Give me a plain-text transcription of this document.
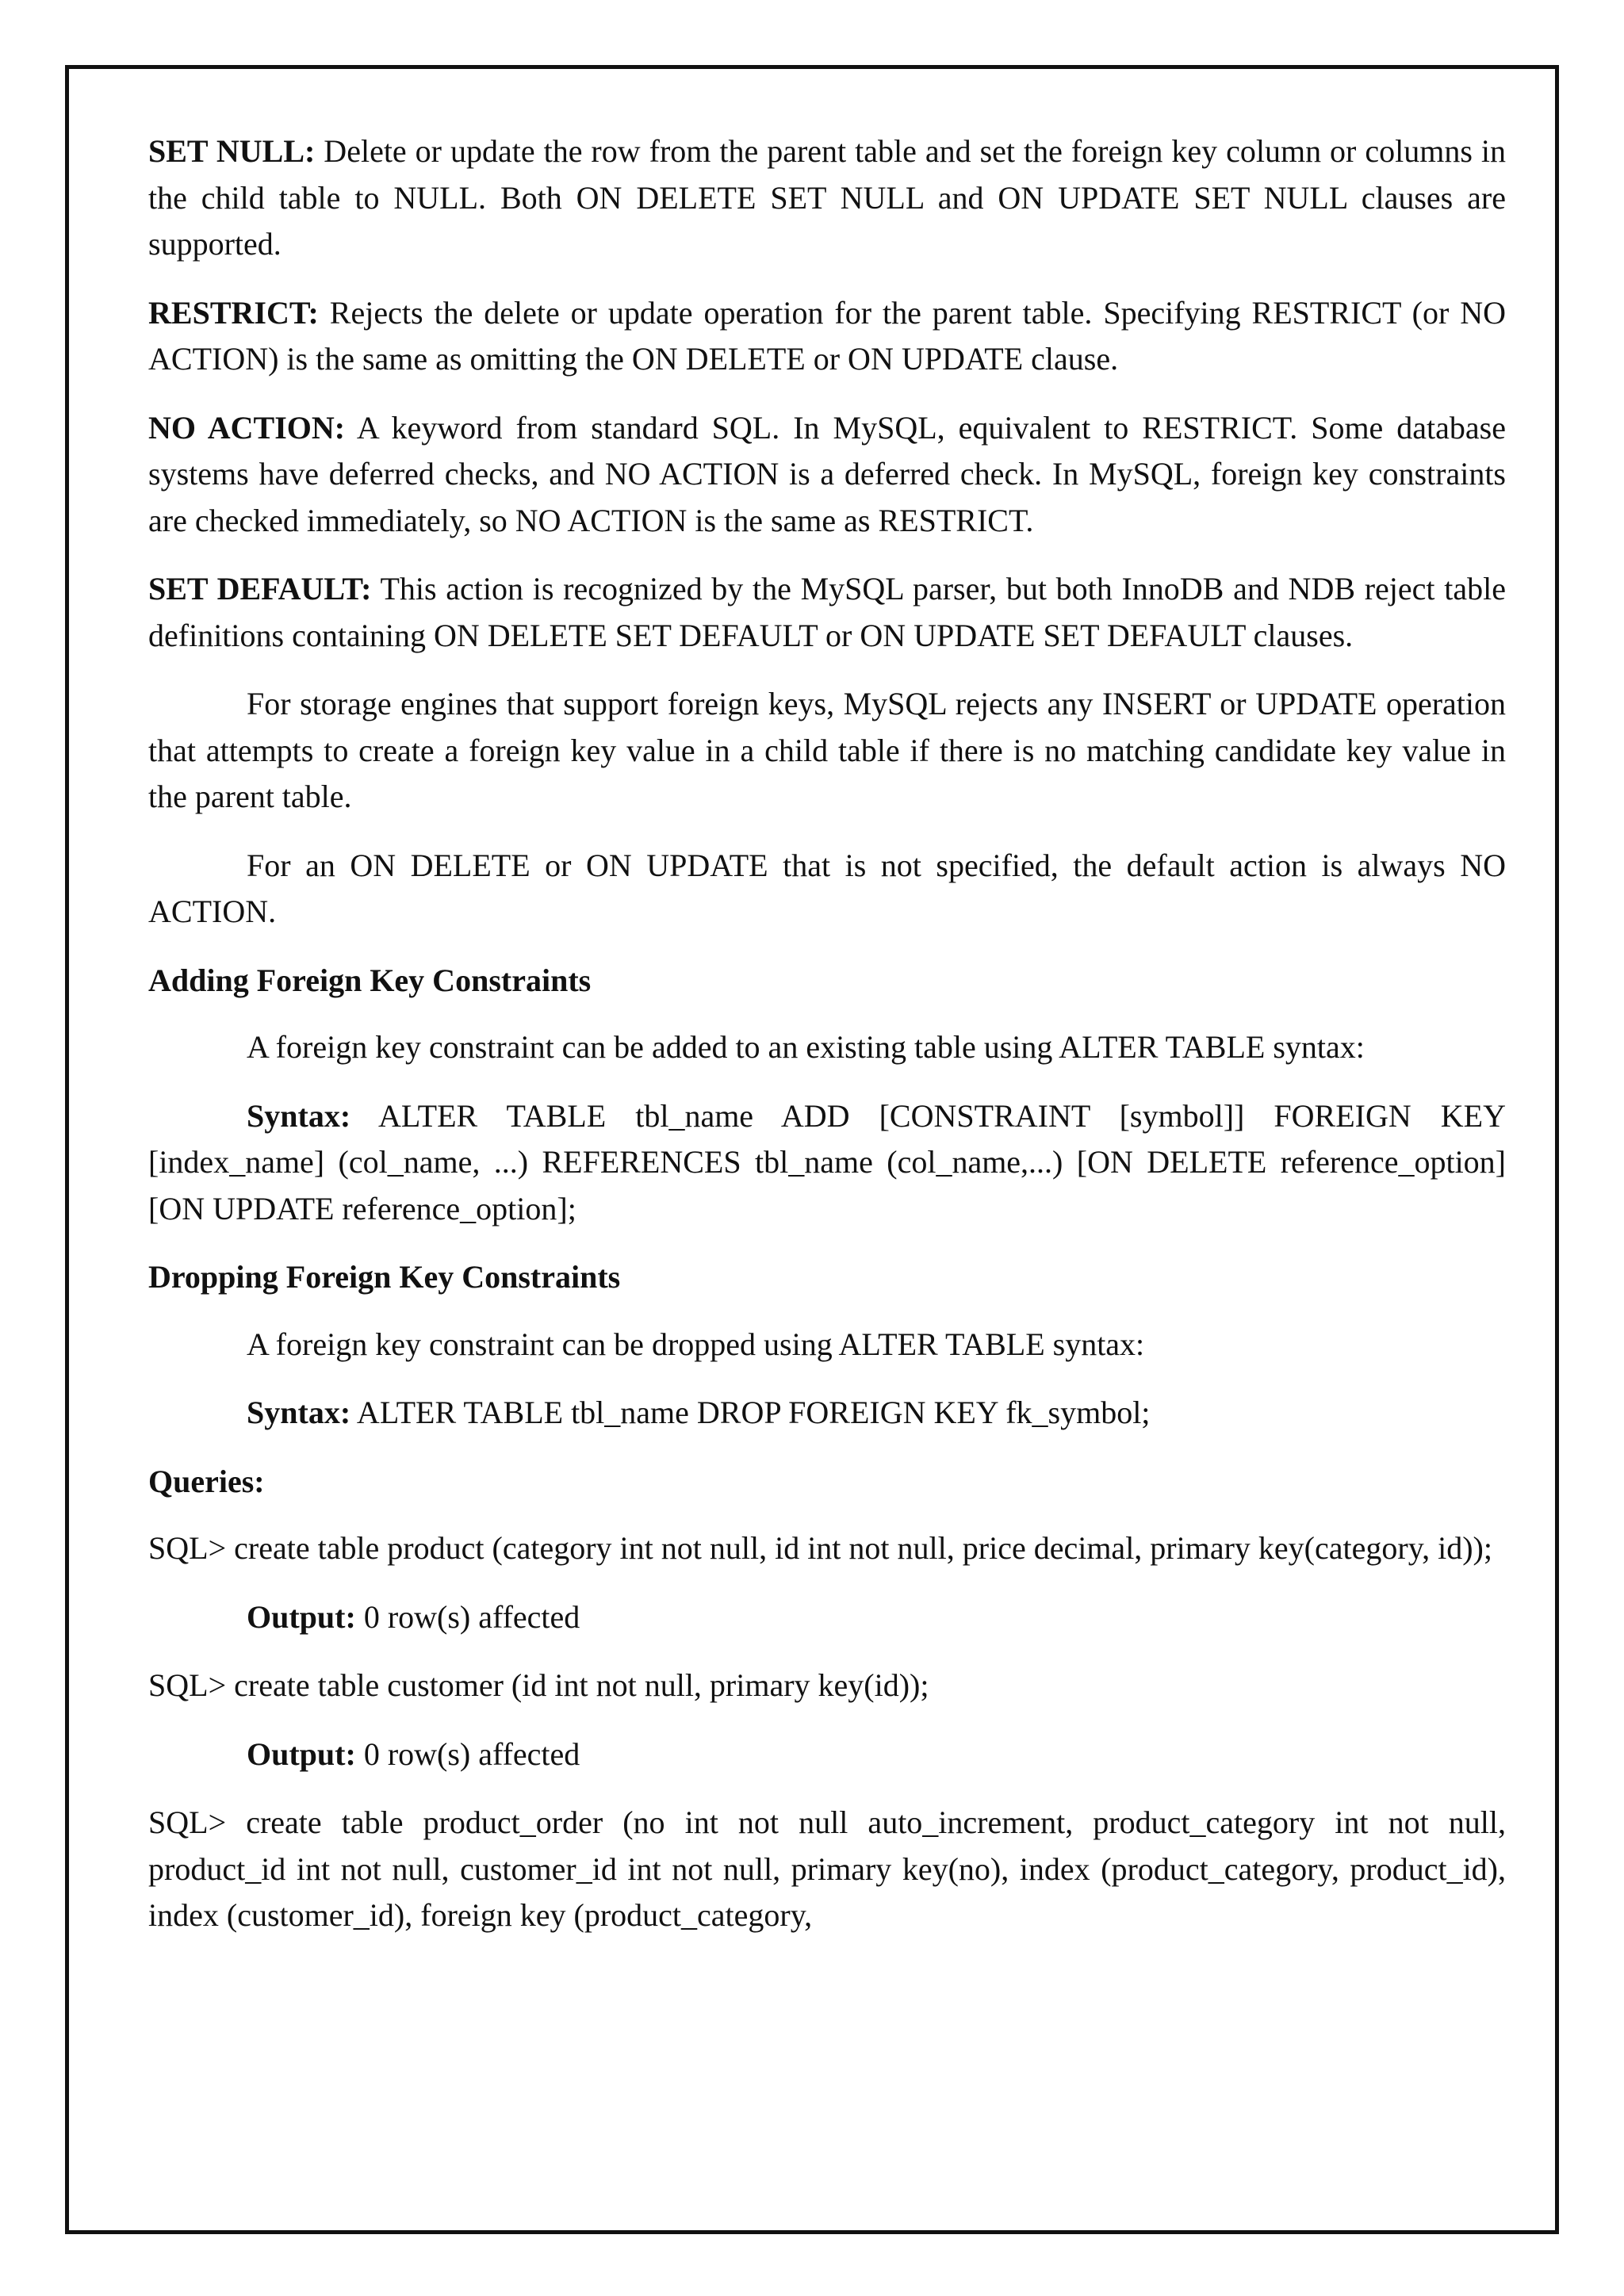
SET NULL: Delete or update the row from the parent table and set the foreign key column or columns in the child table to NULL. Both ON DELETE SET NULL and ON UPDATE SET NULL clauses are supported.

RESTRICT: Rejects the delete or update operation for the parent table. Specifying RESTRICT (or NO ACTION) is the same as omitting the ON DELETE or ON UPDATE clause.

NO ACTION: A keyword from standard SQL. In MySQL, equivalent to RESTRICT. Some database systems have deferred checks, and NO ACTION is a deferred check. In MySQL, foreign key constraints are checked immediately, so NO ACTION is the same as RESTRICT.

SET DEFAULT: This action is recognized by the MySQL parser, but both InnoDB and NDB reject table definitions containing ON DELETE SET DEFAULT or ON UPDATE SET DEFAULT clauses.

For storage engines that support foreign keys, MySQL rejects any INSERT or UPDATE operation that attempts to create a foreign key value in a child table if there is no matching candidate key value in the parent table.

For an ON DELETE or ON UPDATE that is not specified, the default action is always NO ACTION.

Adding Foreign Key Constraints

A foreign key constraint can be added to an existing table using ALTER TABLE syntax:

Syntax: ALTER TABLE tbl_name ADD [CONSTRAINT [symbol]] FOREIGN KEY [index_name] (col_name, ...) REFERENCES tbl_name (col_name,...) [ON DELETE reference_option] [ON UPDATE reference_option];

Dropping Foreign Key Constraints

A foreign key constraint can be dropped using ALTER TABLE syntax:

Syntax: ALTER TABLE tbl_name DROP FOREIGN KEY fk_symbol;

Queries:

SQL> create table product (category int not null, id int not null, price decimal, primary key(category, id));

Output: 0 row(s) affected

SQL> create table customer (id int not null, primary key(id));

Output: 0 row(s) affected

SQL> create table product_order (no int not null auto_increment, product_category int not null, product_id int not null, customer_id int not null, primary key(no), index (product_category, product_id), index (customer_id), foreign key (product_category,
